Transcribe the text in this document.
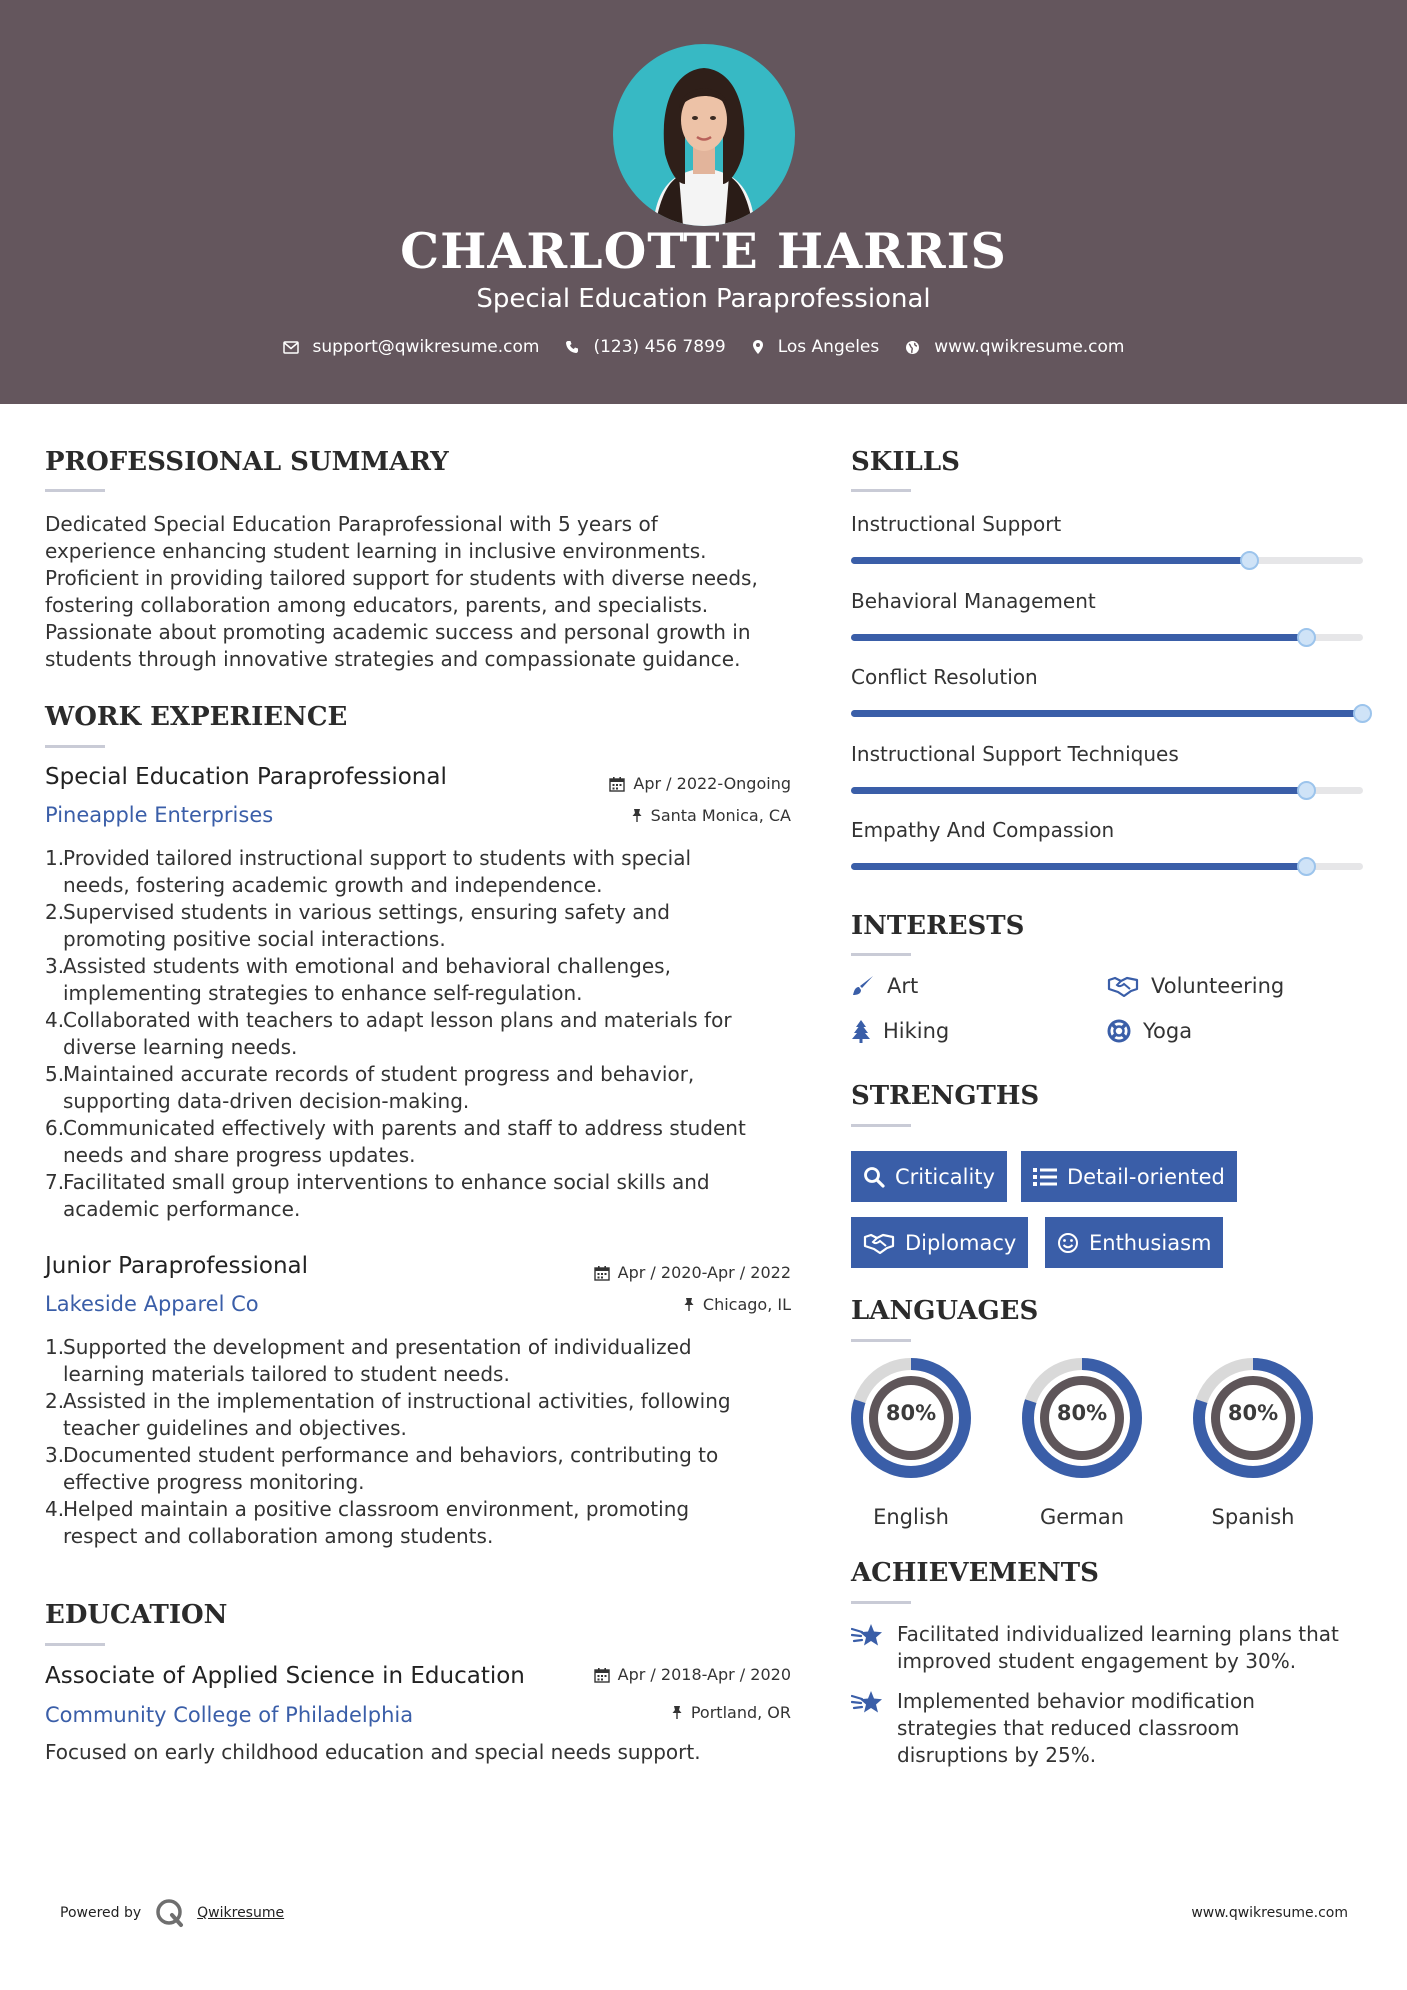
CHARLOTTE HARRIS
Special Education Paraprofessional
support@qwikresume.com	(123) 456 7899	Los Angeles	www.qwikresume.com
PROFESSIONAL SUMMARY
Dedicated Special Education Paraprofessional with 5 years of
experience enhancing student learning in inclusive environments.
Proficient in providing tailored support for students with diverse needs,
fostering collaboration among educators, parents, and specialists.
Passionate about promoting academic success and personal growth in
students through innovative strategies and compassionate guidance.
WORK EXPERIENCE
Special Education Paraprofessional	Apr / 2022-Ongoing
Pineapple Enterprises	Santa Monica, CA
1.
Provided tailored instructional support to students with special
needs, fostering academic growth and independence.
2.
Supervised students in various settings, ensuring safety and
promoting positive social interactions.
3.
Assisted students with emotional and behavioral challenges,
implementing strategies to enhance self-regulation.
4.
Collaborated with teachers to adapt lesson plans and materials for
diverse learning needs.
5.
Maintained accurate records of student progress and behavior,
supporting data-driven decision-making.
6.
Communicated effectively with parents and staff to address student
needs and share progress updates.
7.
Facilitated small group interventions to enhance social skills and
academic performance.
Junior Paraprofessional	Apr / 2020-Apr / 2022
Lakeside Apparel Co	Chicago, IL
1.
Supported the development and presentation of individualized
learning materials tailored to student needs.
2.
Assisted in the implementation of instructional activities, following
teacher guidelines and objectives.
3.
Documented student performance and behaviors, contributing to
effective progress monitoring.
4.
Helped maintain a positive classroom environment, promoting
respect and collaboration among students.
EDUCATION
Associate of Applied Science in Education	Apr / 2018-Apr / 2020
Community College of Philadelphia	Portland, OR
Focused on early childhood education and special needs support.
SKILLS
Instructional Support
Behavioral Management
Conflict Resolution
Instructional Support Techniques
Empathy And Compassion
INTERESTS
Art	Volunteering
Hiking	Yoga
STRENGTHS
Criticality	Detail-oriented
Diplomacy	Enthusiasm
LANGUAGES
80%
English
80%
German
80%
Spanish
ACHIEVEMENTS
Facilitated individualized learning plans that
improved student engagement by 30%.
Implemented behavior modification
strategies that reduced classroom
disruptions by 25%.
Powered by	Qwikresume	www.qwikresume.com
